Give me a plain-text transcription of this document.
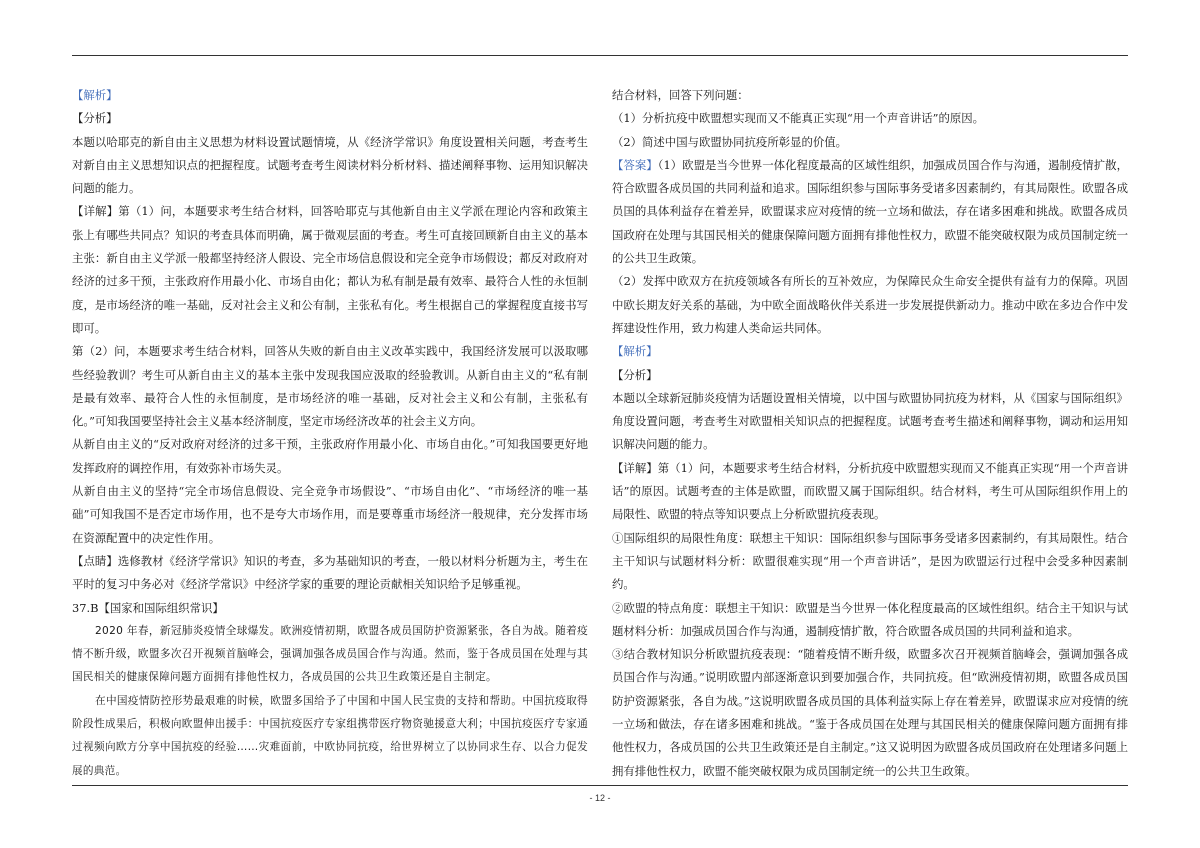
【解析】

【分析】

本题以哈耶克的新自由主义思想为材料设置试题情境，从《经济学常识》角度设置相关问题，考查考生对新自由主义思想知识点的把握程度。试题考查考生阅读材料分析材料、描述阐释事物、运用知识解决问题的能力。

【详解】第（1）问，本题要求考生结合材料，回答哈耶克与其他新自由主义学派在理论内容和政策主张上有哪些共同点？知识的考查具体而明确，属于微观层面的考查。考生可直接回顾新自由主义的基本主张：新自由主义学派一般都坚持经济人假设、完全市场信息假设和完全竞争市场假设；都反对政府对经济的过多干预，主张政府作用最小化、市场自由化；都认为私有制是最有效率、最符合人性的永恒制度，是市场经济的唯一基础，反对社会主义和公有制，主张私有化。考生根据自己的掌握程度直接书写即可。

第（2）问，本题要求考生结合材料，回答从失败的新自由主义改革实践中，我国经济发展可以汲取哪些经验教训？考生可从新自由主义的基本主张中发现我国应汲取的经验教训。从新自由主义的“私有制是最有效率、最符合人性的永恒制度，是市场经济的唯一基础，反对社会主义和公有制，主张私有化。”可知我国要坚持社会主义基本经济制度，坚定市场经济改革的社会主义方向。

从新自由主义的“反对政府对经济的过多干预，主张政府作用最小化、市场自由化。”可知我国要更好地发挥政府的调控作用，有效弥补市场失灵。

从新自由主义的坚持“完全市场信息假设、完全竞争市场假设”、“市场自由化”、“市场经济的唯一基础”可知我国不是否定市场作用，也不是夸大市场作用，而是要尊重市场经济一般规律，充分发挥市场在资源配置中的决定性作用。

【点睛】选修教材《经济学常识》知识的考查，多为基础知识的考查，一般以材料分析题为主，考生在平时的复习中务必对《经济学常识》中经济学家的重要的理论贡献相关知识给予足够重视。

37.B【国家和国际组织常识】

2020 年春，新冠肺炎疫情全球爆发。欧洲疫情初期，欧盟各成员国防护资源紧张，各自为战。随着疫情不断升级，欧盟多次召开视频首脑峰会，强调加强各成员国合作与沟通。然而，鉴于各成员国在处理与其国民相关的健康保障问题方面拥有排他性权力，各成员国的公共卫生政策还是自主制定。

在中国疫情防控形势最艰难的时候，欧盟多国给予了中国和中国人民宝贵的支持和帮助。中国抗疫取得阶段性成果后，积极向欧盟伸出援手：中国抗疫医疗专家组携带医疗物资驰援意大利；中国抗疫医疗专家通过视频向欧方分享中国抗疫的经验……灾难面前，中欧协同抗疫，给世界树立了以协同求生存、以合力促发展的典范。

结合材料，回答下列问题：

（1）分析抗疫中欧盟想实现而又不能真正实现“用一个声音讲话”的原因。

（2）简述中国与欧盟协同抗疫所彰显的价值。

【答案】（1）欧盟是当今世界一体化程度最高的区域性组织，加强成员国合作与沟通，遏制疫情扩散，符合欧盟各成员国的共同利益和追求。国际组织参与国际事务受诸多因素制约，有其局限性。欧盟各成员国的具体利益存在着差异，欧盟谋求应对疫情的统一立场和做法，存在诸多困难和挑战。欧盟各成员国政府在处理与其国民相关的健康保障问题方面拥有排他性权力，欧盟不能突破权限为成员国制定统一的公共卫生政策。

（2）发挥中欧双方在抗疫领域各有所长的互补效应，为保障民众生命安全提供有益有力的保障。巩固中欧长期友好关系的基础，为中欧全面战略伙伴关系进一步发展提供新动力。推动中欧在多边合作中发挥建设性作用，致力构建人类命运共同体。

【解析】

【分析】

本题以全球新冠肺炎疫情为话题设置相关情境，以中国与欧盟协同抗疫为材料，从《国家与国际组织》角度设置问题，考查考生对欧盟相关知识点的把握程度。试题考查考生描述和阐释事物，调动和运用知识解决问题的能力。

【详解】第（1）问，本题要求考生结合材料，分析抗疫中欧盟想实现而又不能真正实现“用一个声音讲话”的原因。试题考查的主体是欧盟，而欧盟又属于国际组织。结合材料，考生可从国际组织作用上的局限性、欧盟的特点等知识要点上分析欧盟抗疫表现。

①国际组织的局限性角度：联想主干知识：国际组织参与国际事务受诸多因素制约，有其局限性。结合主干知识与试题材料分析：欧盟很难实现“用一个声音讲话”，是因为欧盟运行过程中会受多种因素制约。

②欧盟的特点角度：联想主干知识：欧盟是当今世界一体化程度最高的区域性组织。结合主干知识与试题材料分析：加强成员国合作与沟通，遏制疫情扩散，符合欧盟各成员国的共同利益和追求。

③结合教材知识分析欧盟抗疫表现：“随着疫情不断升级，欧盟多次召开视频首脑峰会，强调加强各成员国合作与沟通。”说明欧盟内部逐渐意识到要加强合作，共同抗疫。但“欧洲疫情初期，欧盟各成员国防护资源紧张，各自为战。”这说明欧盟各成员国的具体利益实际上存在着差异，欧盟谋求应对疫情的统一立场和做法，存在诸多困难和挑战。“鉴于各成员国在处理与其国民相关的健康保障问题方面拥有排他性权力，各成员国的公共卫生政策还是自主制定。”这又说明因为欧盟各成员国政府在处理诸多问题上拥有排他性权力，欧盟不能突破权限为成员国制定统一的公共卫生政策。

- 12 -
